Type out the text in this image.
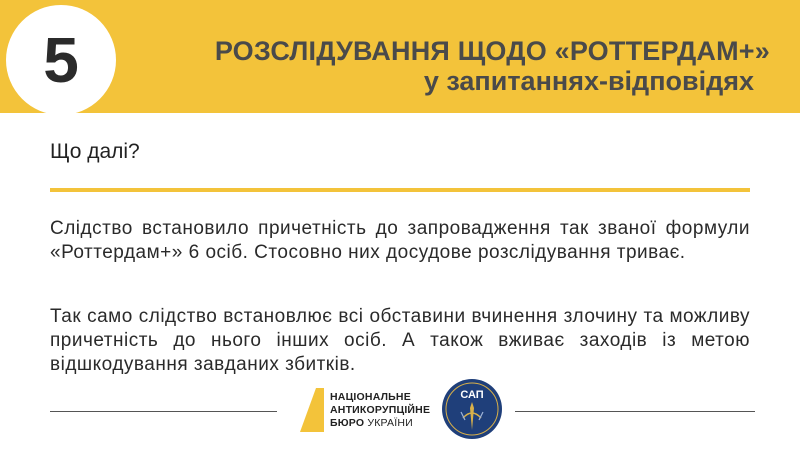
5	РОЗСЛІДУВАННЯ ЩОДО «РОТТЕРДАМ+»
у запитаннях-відповідях
Що далі?

Слідство встановило причетність до запровадження так званої формули «Роттердам+» 6 осіб. Стосовно них досудове розслідування триває.

Так само слідство встановлює всі обставини вчинення злочину та можливу причетність до нього інших осіб. А також вживає заходів із метою відшкодування завданих збитків.

НАЦІОНАЛЬНЕ
АНТИКОРУПЦІЙНЕ
БЮРО УКРАЇНИ
САП
